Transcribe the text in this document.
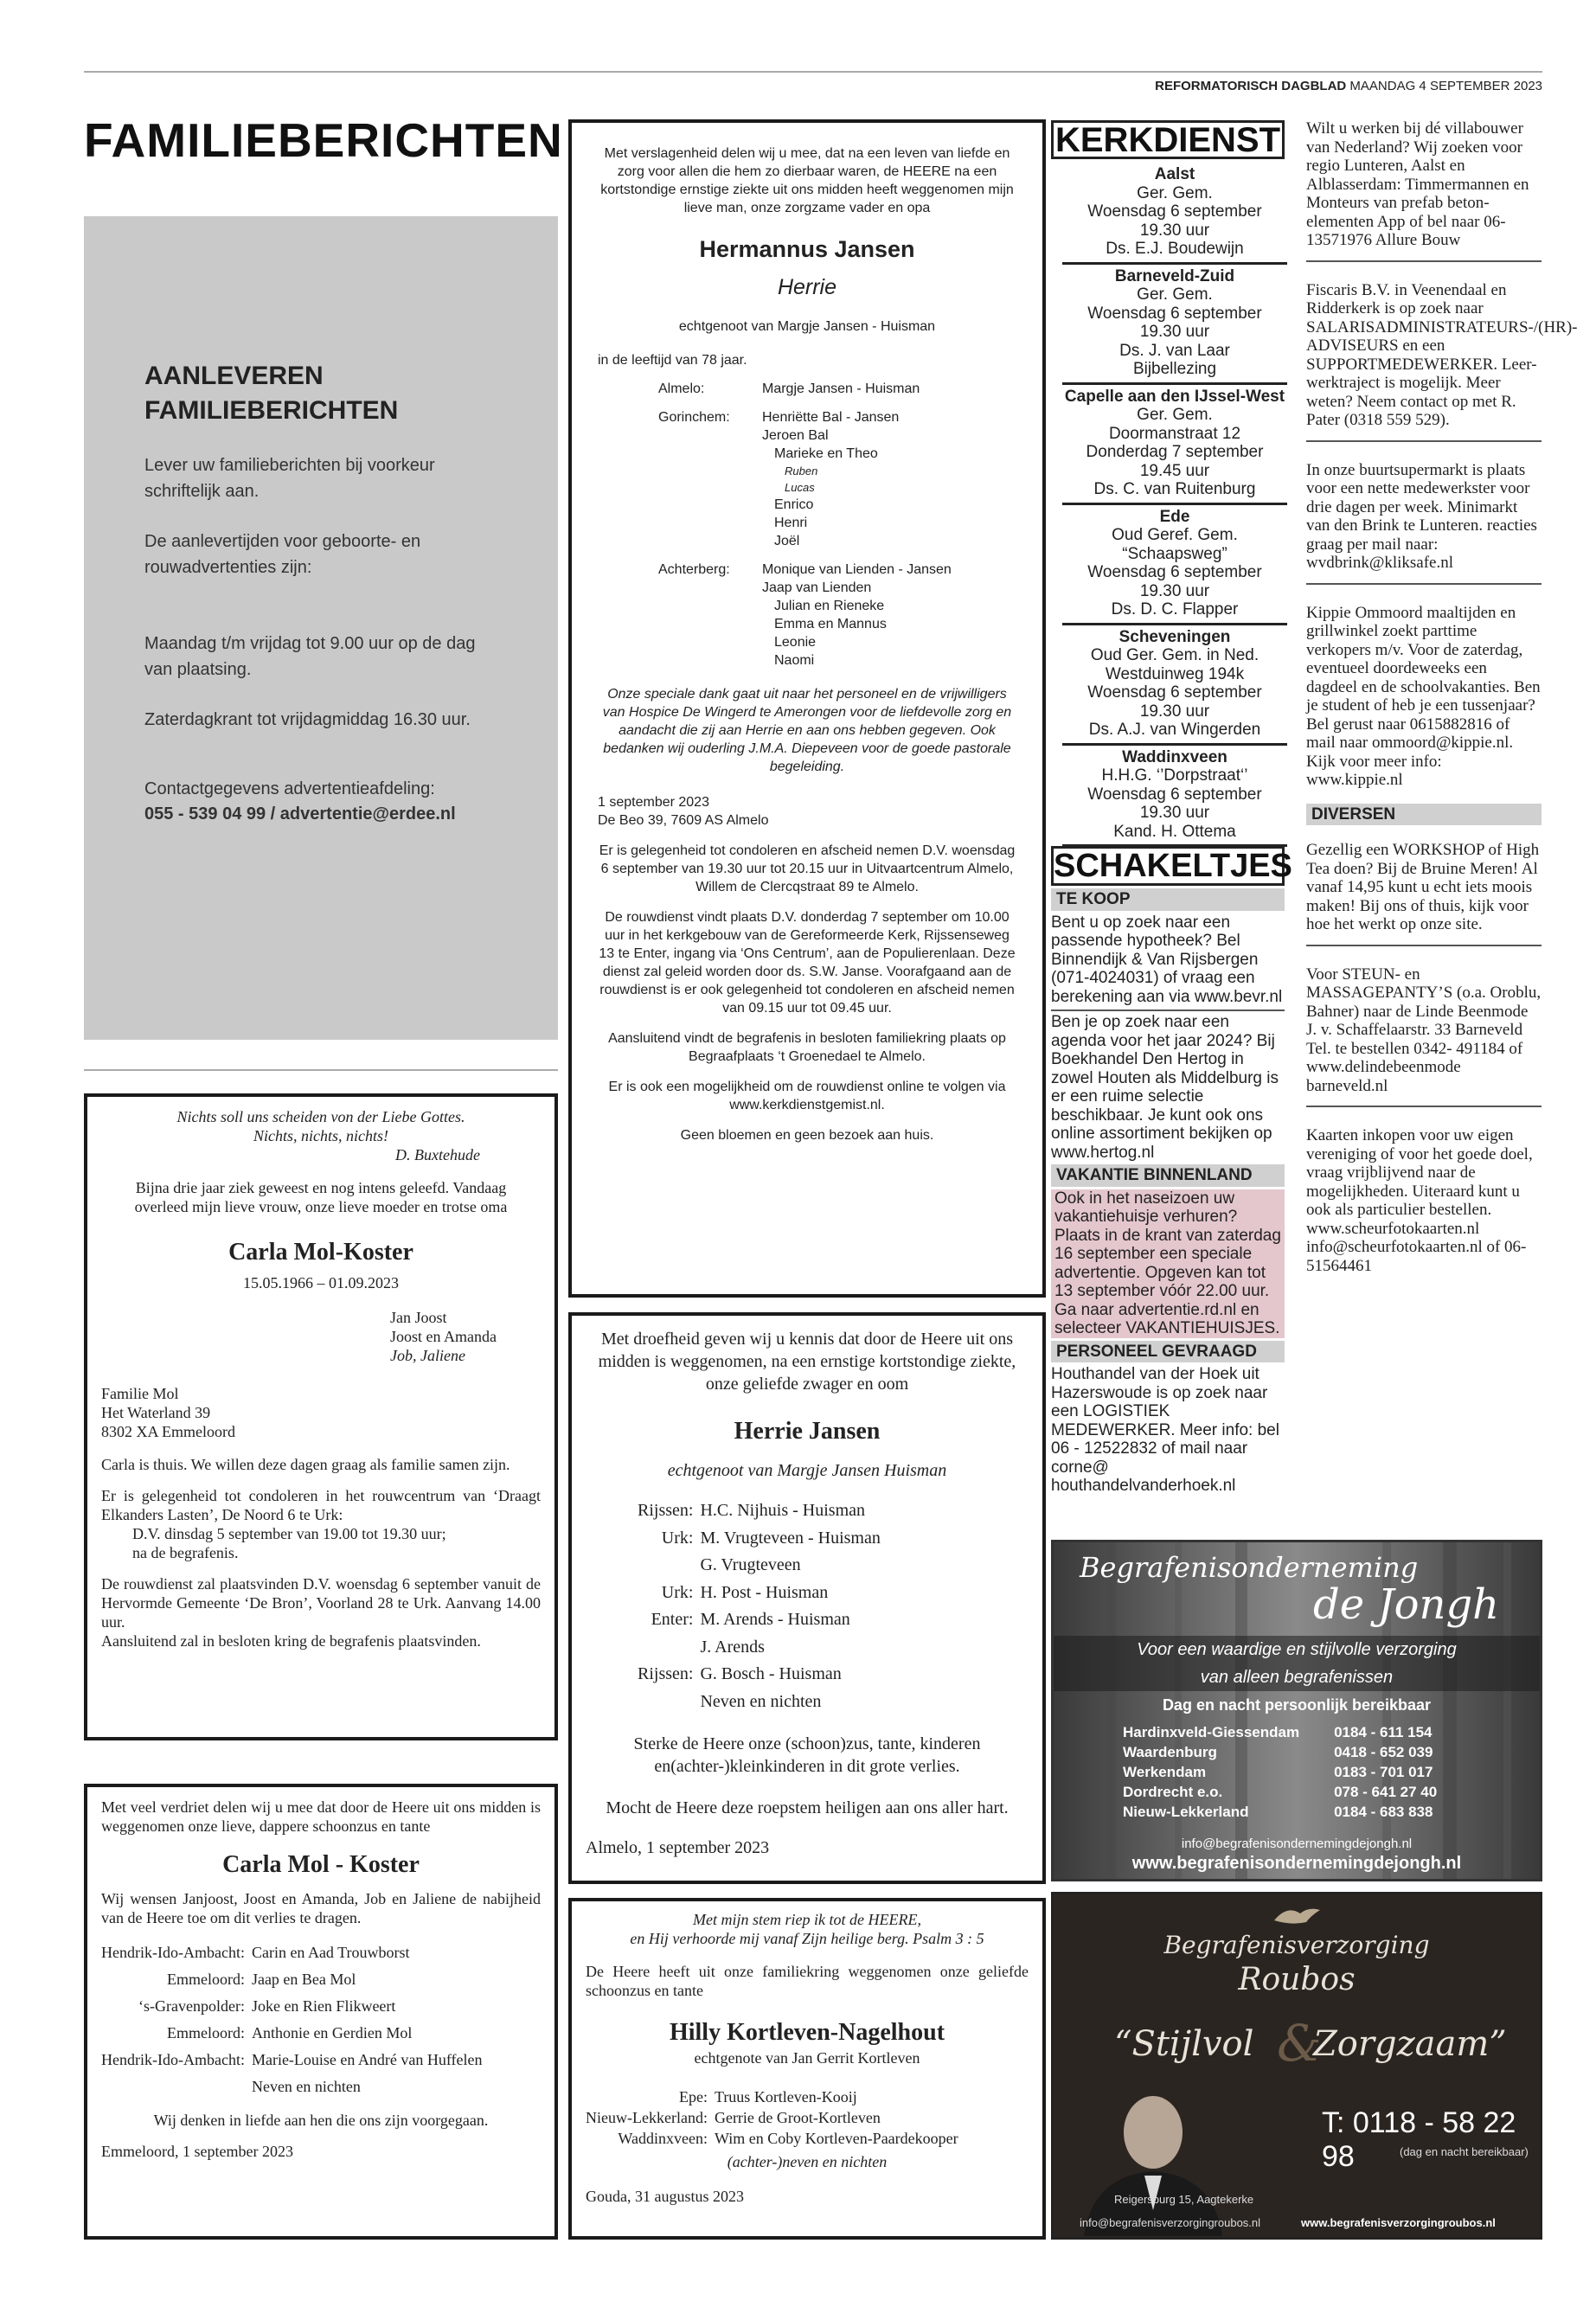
REFORMATORISCH DAGBLAD MAANDAG 4 SEPTEMBER 2023
FAMILIEBERICHTEN
AANLEVEREN
FAMILIEBERICHTEN
Lever uw familieberichten bij voorkeur schriftelijk aan.
De aanlevertijden voor geboorte- en rouwadvertenties zijn:
Maandag t/m vrijdag tot 9.00 uur op de dag van plaatsing.
Zaterdagkrant tot vrijdagmiddag 16.30 uur.
Contactgegevens advertentieafdeling:
055 - 539 04 99 / advertentie@erdee.nl
Nichts soll uns scheiden von der Liebe Gottes.
Nichts, nichts, nichts!
D. Buxtehude
Bijna drie jaar ziek geweest en nog intens geleefd. Vandaag overleed mijn lieve vrouw, onze lieve moeder en trotse oma
Carla Mol-Koster
15.05.1966 – 01.09.2023
Jan Joost
Joost en Amanda
Job, Jaliene
Familie Mol
Het Waterland 39
8302 XA Emmeloord
Carla is thuis. We willen deze dagen graag als familie samen zijn.
Er is gelegenheid tot condoleren in het rouwcentrum van ‘Draagt Elkanders Lasten’, De Noord 6 te Urk:
D.V. dinsdag 5 september van 19.00 tot 19.30 uur;
na de begrafenis.
De rouwdienst zal plaatsvinden D.V. woensdag 6 september vanuit de Hervormde Gemeente ‘De Bron’, Voorland 28 te Urk. Aanvang 14.00 uur.
Aansluitend zal in besloten kring de begrafenis plaatsvinden.
Met veel verdriet delen wij u mee dat door de Heere uit ons midden is weggenomen onze lieve, dappere schoonzus en tante
Carla Mol - Koster
Wij wensen Janjoost, Joost en Amanda, Job en Jaliene de nabijheid van de Heere toe om dit verlies te dragen.
Hendrik-Ido-Ambacht:	Carin en Aad Trouwborst
Emmeloord:	Jaap en Bea Mol
‘s-Gravenpolder:	Joke en Rien Flikweert
Emmeloord:	Anthonie en Gerdien Mol
Hendrik-Ido-Ambacht:	Marie-Louise en André van Huffelen
	Neven en nichten
Wij denken in liefde aan hen die ons zijn voorgegaan.
Emmeloord, 1 september 2023
Met verslagenheid delen wij u mee, dat na een leven van liefde en zorg voor allen die hem zo dierbaar waren, de HEERE na een kortstondige ernstige ziekte uit ons midden heeft weggenomen mijn lieve man, onze zorgzame vader en opa
Hermannus Jansen
Herrie
echtgenoot van Margje Jansen - Huisman
in de leeftijd van 78 jaar.
Almelo:	Margje Jansen - Huisman
Gorinchem: Henriëtte Bal - Jansen
Jeroen Bal
Marieke en Theo
Ruben
Lucas
Enrico
Henri
Joël
Achterberg: Monique van Lienden - Jansen
Jaap van Lienden
Julian en Rieneke
Emma en Mannus
Leonie
Naomi
Onze speciale dank gaat uit naar het personeel en de vrijwilligers van Hospice De Wingerd te Amerongen voor de liefdevolle zorg en aandacht die zij aan Herrie en aan ons hebben gegeven. Ook bedanken wij ouderling J.M.A. Diepeveen voor de goede pastorale begeleiding.
1 september 2023
De Beo 39, 7609 AS Almelo
Er is gelegenheid tot condoleren en afscheid nemen D.V. woensdag 6 september van 19.30 uur tot 20.15 uur in Uitvaartcentrum Almelo, Willem de Clercqstraat 89 te Almelo.
De rouwdienst vindt plaats D.V. donderdag 7 september om 10.00 uur in het kerkgebouw van de Gereformeerde Kerk, Rijssenseweg 13 te Enter, ingang via ‘Ons Centrum’, aan de Populierenlaan. Deze dienst zal geleid worden door ds. S.W. Janse. Voorafgaand aan de rouwdienst is er ook gelegenheid tot condoleren en afscheid nemen van 09.15 uur tot 09.45 uur.
Aansluitend vindt de begrafenis in besloten familiekring plaats op Begraafplaats ‘t Groenedael te Almelo.
Er is ook een mogelijkheid om de rouwdienst online te volgen via www.kerkdienstgemist.nl.
Geen bloemen en geen bezoek aan huis.
Met droefheid geven wij u kennis dat door de Heere uit ons midden is weggenomen, na een ernstige kortstondige ziekte, onze geliefde zwager en oom
Herrie Jansen
echtgenoot van Margje Jansen Huisman
Rijssen:	H.C. Nijhuis - Huisman
Urk:	M. Vrugteveen - Huisman
	G. Vrugteveen
Urk:	H. Post - Huisman
Enter:	M. Arends - Huisman
	J. Arends
Rijssen:	G. Bosch - Huisman
	Neven en nichten
Sterke de Heere onze (schoon)zus, tante, kinderen en(achter-)kleinkinderen in dit grote verlies.
Mocht de Heere deze roepstem heiligen aan ons aller hart.
Almelo, 1 september 2023
Met mijn stem riep ik tot de HEERE,
en Hij verhoorde mij vanaf Zijn heilige berg. Psalm 3 : 5
De Heere heeft uit onze familiekring weggenomen onze geliefde schoonzus en tante
Hilly Kortleven-Nagelhout
echtgenote van Jan Gerrit Kortleven
Epe:	Truus Kortleven-Kooij
Nieuw-Lekkerland:	Gerrie de Groot-Kortleven
Waddinxveen:	Wim en Coby Kortleven-Paardekooper
(achter-)neven en nichten
Gouda, 31 augustus 2023
KERKDIENST
Aalst
Ger. Gem.
Woensdag 6 september
19.30 uur
Ds. E.J. Boudewijn
Barneveld-Zuid
Ger. Gem.
Woensdag 6 september
19.30 uur
Ds. J. van Laar
Bijbellezing
Capelle aan den IJssel-West
Ger. Gem.
Doormanstraat 12
Donderdag 7 september
19.45 uur
Ds. C. van Ruitenburg
Ede
Oud Geref. Gem.
“Schaapsweg”
Woensdag 6 september
19.30 uur
Ds. D. C. Flapper
Scheveningen
Oud Ger. Gem. in Ned.
Westduinweg 194k
Woensdag 6 september
19.30 uur
Ds. A.J. van Wingerden
Waddinxveen
H.H.G. ‘’Dorpstraat‘’
Woensdag 6 september
19.30 uur
Kand. H. Ottema
SCHAKELTJES
TE KOOP
Bent u op zoek naar een passende hypotheek? Bel Binnendijk & Van Rijsbergen (071-4024031) of vraag een berekening aan via www.bevr.nl
Ben je op zoek naar een agenda voor het jaar 2024? Bij Boekhandel Den Hertog in zowel Houten als Middelburg is er een ruime selectie beschikbaar. Je kunt ook ons online assortiment bekijken op www.hertog.nl
VAKANTIE BINNENLAND
Ook in het naseizoen uw vakantiehuisje verhuren? Plaats in de krant van zaterdag 16 september een speciale advertentie. Opgeven kan tot 13 september vóór 22.00 uur. Ga naar advertentie.rd.nl en selecteer VAKANTIEHUISJES.
PERSONEEL GEVRAAGD
Houthandel van der Hoek uit Hazerswoude is op zoek naar een LOGISTIEK MEDEWERKER. Meer info: bel 06 - 12522832 of mail naar corne@ houthandelvanderhoek.nl
Wilt u werken bij dé villabouwer van Nederland? Wij zoeken voor regio Lunteren, Aalst en Alblasserdam: Timmermannen en Monteurs van prefab beton-elementen App of bel naar 06-13571976 Allure Bouw
Fiscaris B.V. in Veenendaal en Ridderkerk is op zoek naar SALARISADMINISTRATEURS-/(HR)-ADVISEURS en een SUPPORTMEDEWERKER. Leer-werktraject is mogelijk. Meer weten? Neem contact op met R. Pater (0318 559 529).
In onze buurtsupermarkt is plaats voor een nette medewerkster voor drie dagen per week. Minimarkt van den Brink te Lunteren. reacties graag per mail naar: wvdbrink@kliksafe.nl
Kippie Ommoord maaltijden en grillwinkel zoekt parttime verkopers m/v. Voor de zaterdag, eventueel doordeweeks een dagdeel en de schoolvakanties. Ben je student of heb je een tussenjaar? Bel gerust naar 0615882816 of mail naar ommoord@kippie.nl. Kijk voor meer info: www.kippie.nl
DIVERSEN
Gezellig een WORKSHOP of High Tea doen? Bij de Bruine Meren! Al vanaf 14,95 kunt u echt iets moois maken! Bij ons of thuis, kijk voor hoe het werkt op onze site.
Voor STEUN- en MASSAGEPANTY’S (o.a. Oroblu, Bahner) naar de Linde Beenmode J. v. Schaffelaarstr. 33 Barneveld Tel. te bestellen 0342- 491184 of www.delindebeenmode barneveld.nl
Kaarten inkopen voor uw eigen vereniging of voor het goede doel, vraag vrijblijvend naar de mogelijkheden. Uiteraard kunt u ook als particulier bestellen. www.scheurfotokaarten.nl info@scheurfotokaarten.nl of 06-51564461
Begrafenisonderneming
de Jongh
Voor een waardige en stijlvolle verzorging
van alleen begrafenissen
Dag en nacht persoonlijk bereikbaar
Hardinxveld-Giessendam	0184 - 611 154
Waardenburg	0418 - 652 039
Werkendam	0183 - 701 017
Dordrecht e.o.	078 - 641 27 40
Nieuw-Lekkerland	0184 - 683 838
info@begrafenisondernemingdejongh.nl
www.begrafenisondernemingdejongh.nl
Begrafenisverzorging
Roubos
“Stijlvol &
Zorgzaam”
T: 0118 - 58 22 98	(dag en nacht bereikbaar)
Reigersburg 15, Aagtekerke
info@begrafenisverzorgingroubos.nl	www.begrafenisverzorgingroubos.nl
